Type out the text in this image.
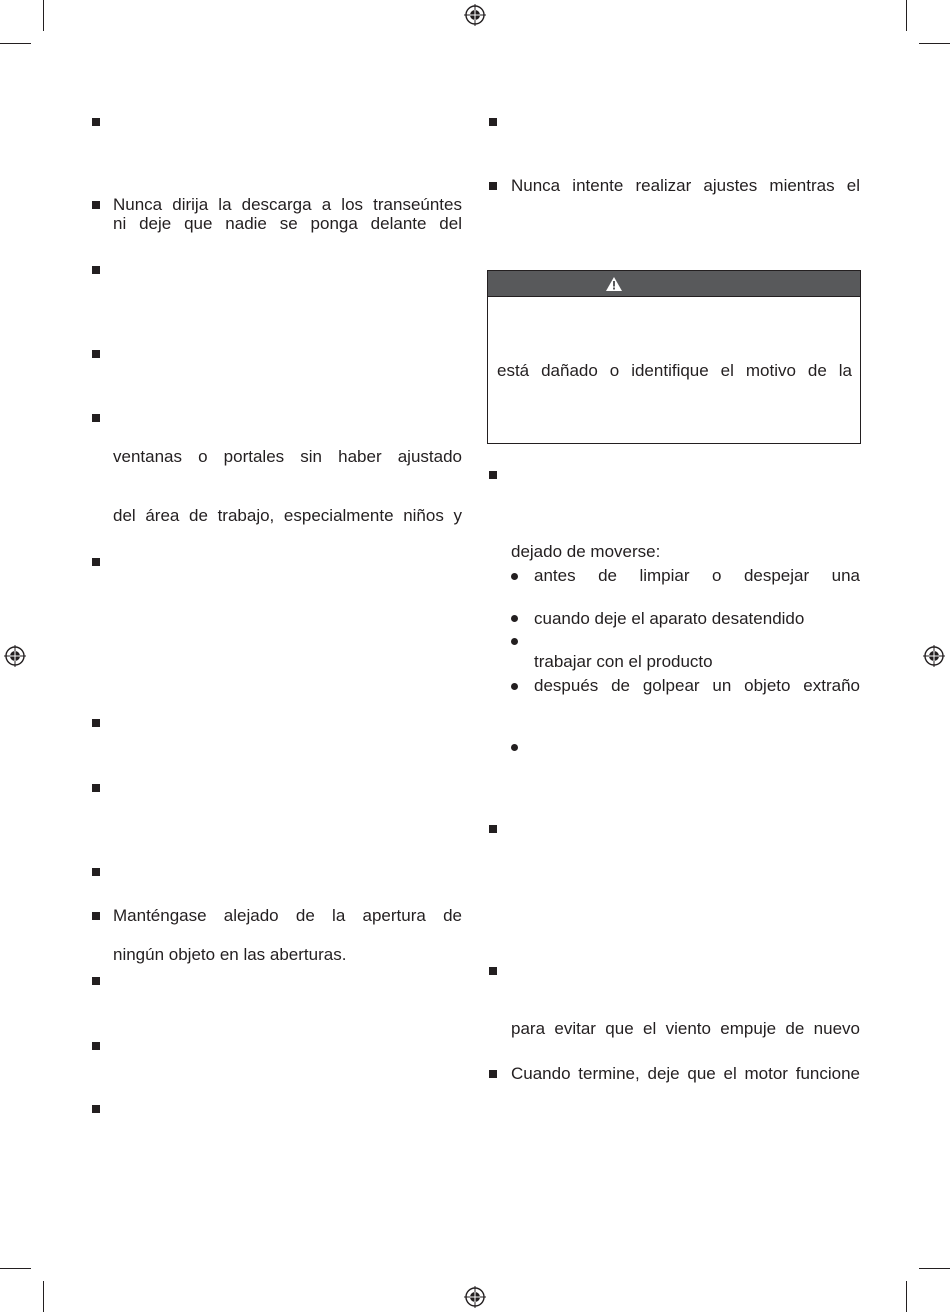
Nunca dirija la descarga a los transeúntes
ni deje que nadie se ponga delante del
ventanas o portales sin haber ajustado
del área de trabajo, especialmente niños y
Manténgase alejado de la apertura de
ningún objeto en las aberturas.
Nunca intente realizar ajustes mientras el
está dañado o identifique el motivo de la
dejado de moverse:
antes de limpiar o despejar una
cuando deje el aparato desatendido
trabajar con el producto
después de golpear un objeto extraño
para evitar que el viento empuje de nuevo
Cuando termine, deje que el motor funcione
